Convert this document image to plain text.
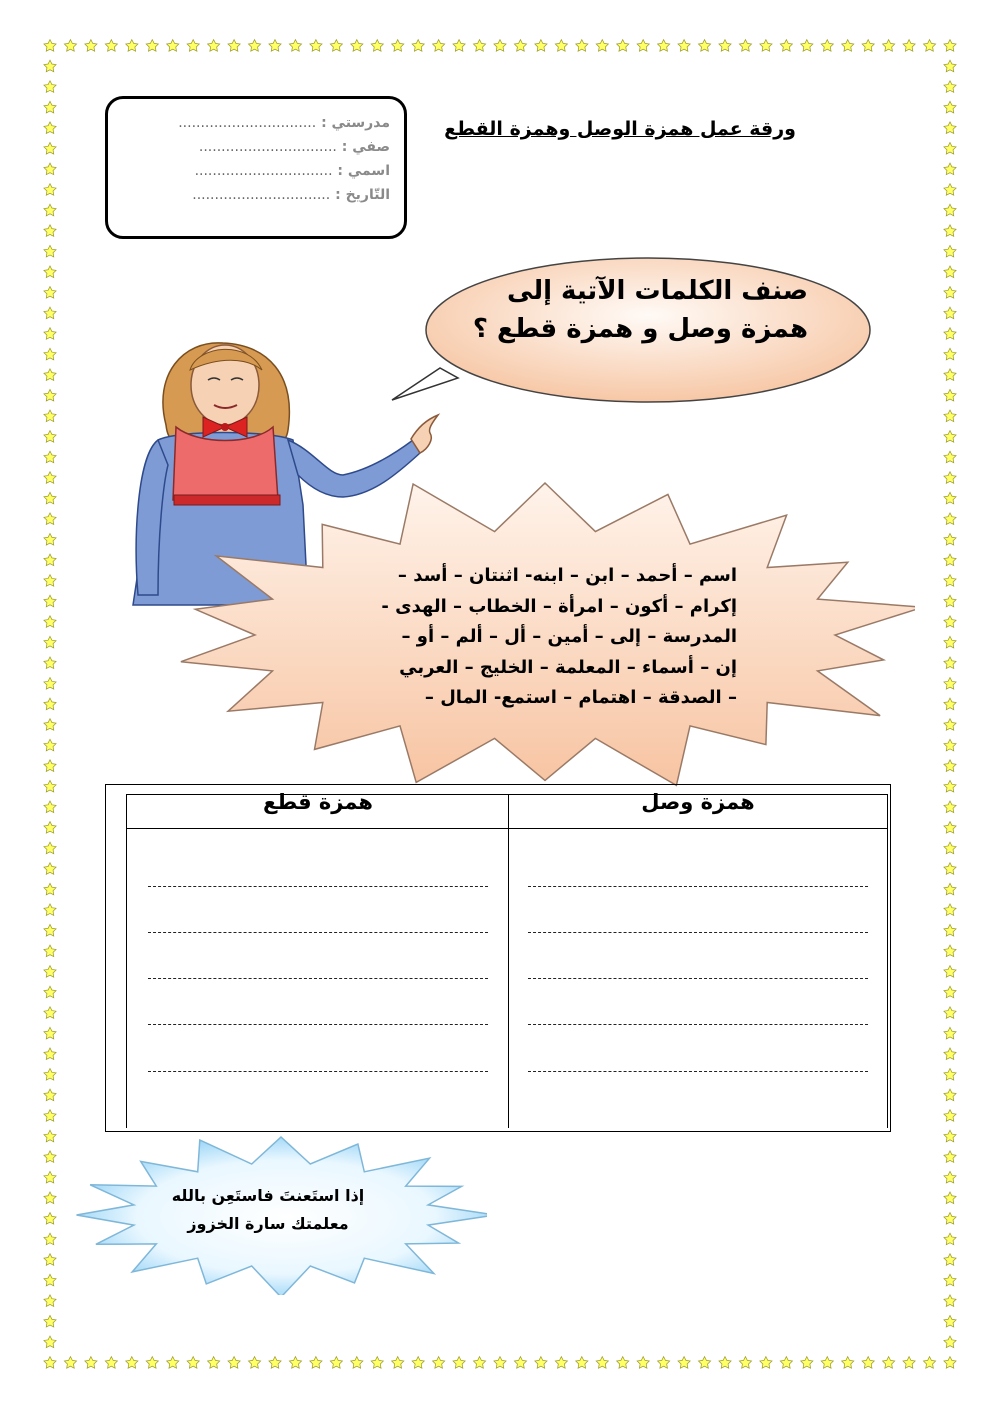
مدرستي : ...............................
صفي : ...............................
اسمي : ...............................
التّاريخ : ...............................
ورقة عمل همزة الوصل وهمزة القطع
صنف الكلمات الآتية إلى
همزة وصل و همزة قطع ؟
اسم – أحمد – ابن – ابنه- اثنتان – أسد –
إكرام – أكون – امرأة – الخطاب – الهدى -
المدرسة – إلى – أمين – أل – ألم – أو –
إن – أسماء – المعلمة – الخليج – العربي
– الصدقة – اهتمام – استمع- المال –
همزة قطع	همزة وصل
إذا استَعنتَ فاستَعِن بالله
معلمتك سارة الخزوز
